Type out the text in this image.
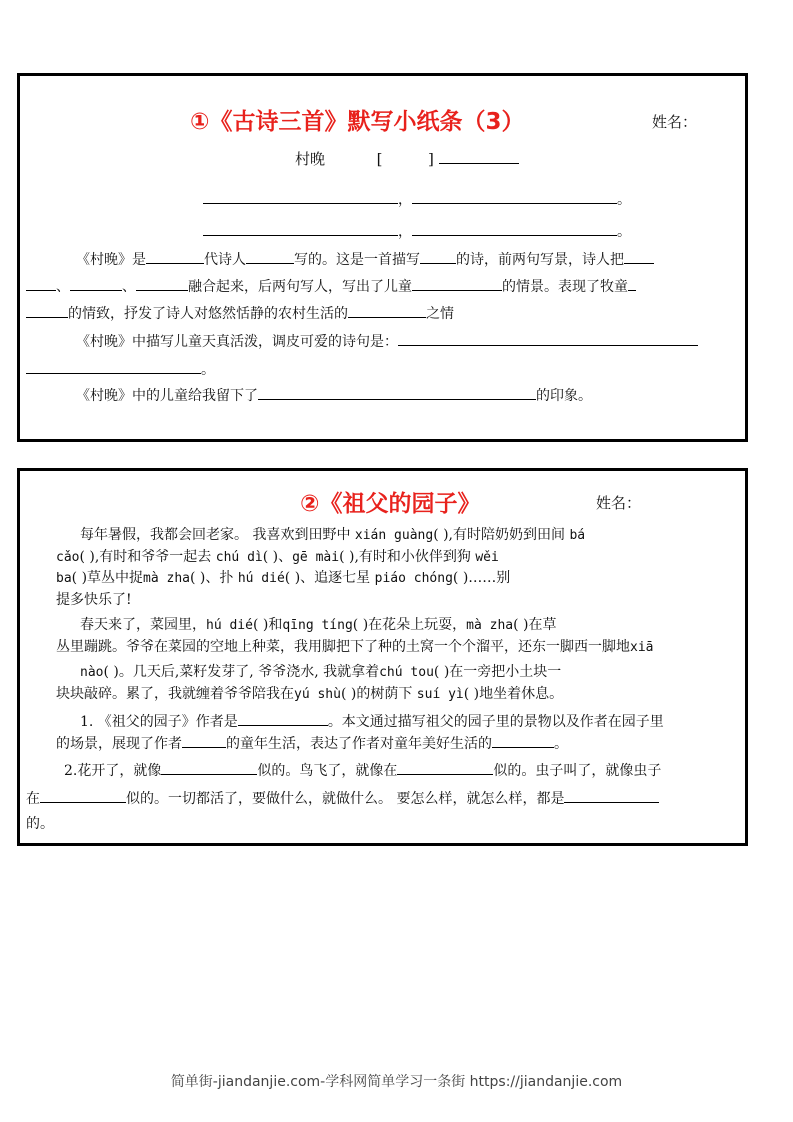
①《古诗三首》默写小纸条（3）	姓名：
村晚	[	]
，	。
，	。
《村晚》是	代诗人	写的。这是一首描写	的诗，前两句写景，诗人把
、	、	融合起来，后两句写人，写出了儿童	的情景。表现了牧童
的情致，抒发了诗人对悠然恬静的农村生活的	之情
《村晚》中描写儿童天真活泼，调皮可爱的诗句是：
。
《村晚》中的儿童给我留下了	的印象。
②《祖父的园子》	姓名：
每年暑假，我都会回老家。 我喜欢到田野中 xián guàng( ),有时陪奶奶到田间 bá
cǎo( ),有时和爷爷一起去 chú dì( )、gē mài( ),有时和小伙伴到狗 wěi
ba( )草丛中捉mà zha( )、扑 hú dié( )、追逐七星 piáo chóng( )……别
提多快乐了!
春天来了，菜园里，hú dié( )和qīng tíng( )在花朵上玩耍，mà zha( )在草
丛里蹦跳。爷爷在菜园的空地上种菜，我用脚把下了种的土窝一个个溜平，还东一脚西一脚地xiā
nào( )。几天后,菜籽发芽了, 爷爷浇水, 我就拿着chú tou( )在一旁把小土块一
块块敲碎。累了，我就缠着爷爷陪我在yú shù( )的树荫下 suí yì( )地坐着休息。
1. 《祖父的园子》作者是	。本文通过描写祖父的园子里的景物以及作者在园子里
的场景，展现了作者	的童年生活，表达了作者对童年美好生活的	。
2.花开了，就像	似的。鸟飞了，就像在	似的。虫子叫了，就像虫子
在	似的。一切都活了，要做什么，就做什么。 要怎么样，就怎么样，都是
的。
简单街-jiandanjie.com-学科网简单学习一条街 https://jiandanjie.com
